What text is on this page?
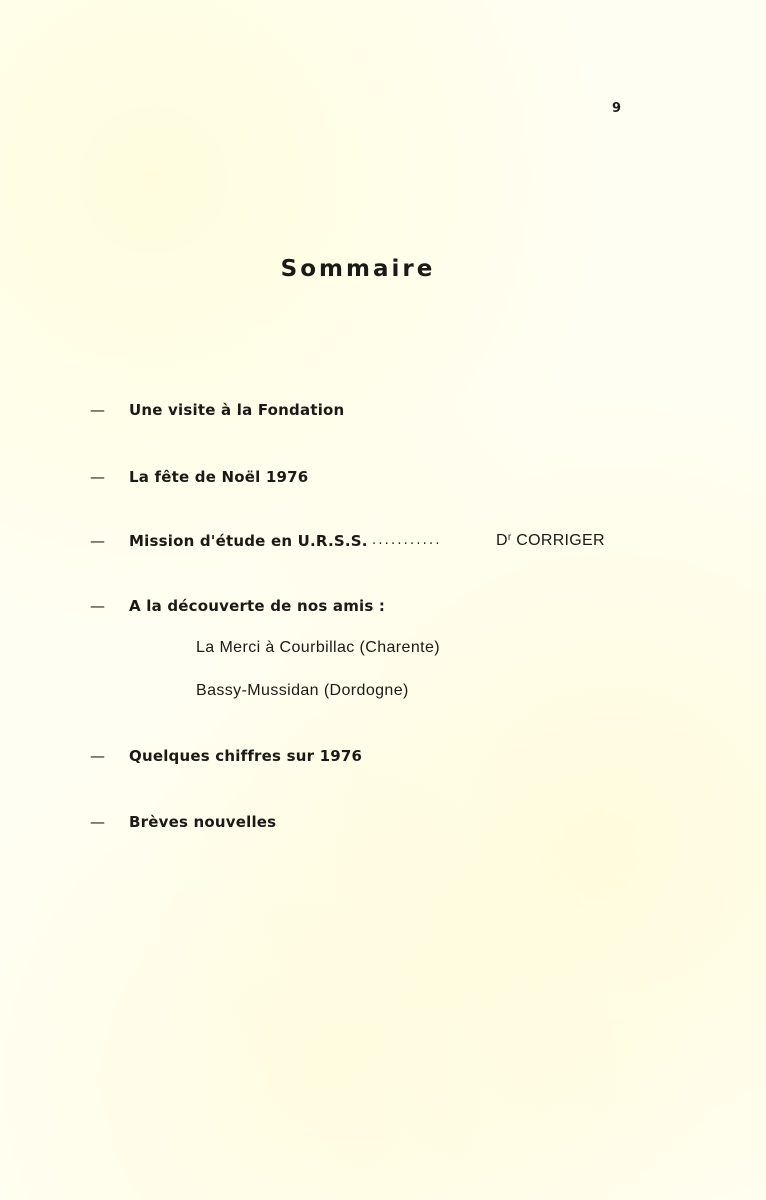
9
Sommaire
— Une visite à la Fondation
— La fête de Noël 1976
— Mission d'étude en U.R.S.S. ...........	$D^r$ CORRIGER
— A la découverte de nos amis :
La Merci à Courbillac (Charente)
Bassy-Mussidan (Dordogne)
— Quelques chiffres sur 1976
— Brèves nouvelles
